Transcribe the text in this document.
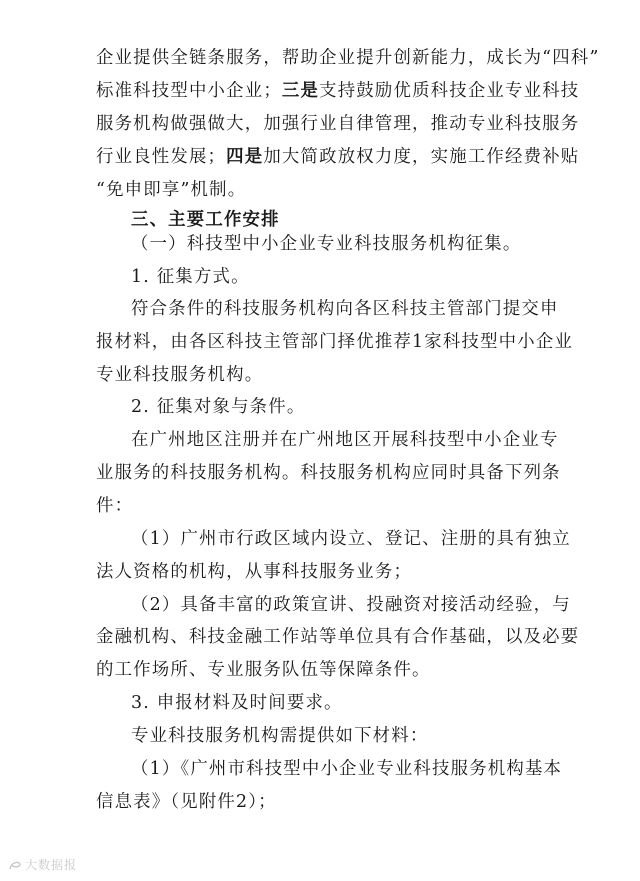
企业提供全链条服务，帮助企业提升创新能力，成长为“四科”
标准科技型中小企业；三是支持鼓励优质科技企业专业科技
服务机构做强做大，加强行业自律管理，推动专业科技服务
行业良性发展；四是加大简政放权力度，实施工作经费补贴
“免申即享”机制。
三、主要工作安排
（一）科技型中小企业专业科技服务机构征集。
1. 征集方式。
符合条件的科技服务机构向各区科技主管部门提交申
报材料，由各区科技主管部门择优推荐1家科技型中小企业
专业科技服务机构。
2. 征集对象与条件。
在广州地区注册并在广州地区开展科技型中小企业专
业服务的科技服务机构。科技服务机构应同时具备下列条
件：
（1）广州市行政区域内设立、登记、注册的具有独立
法人资格的机构，从事科技服务业务；
（2）具备丰富的政策宣讲、投融资对接活动经验，与
金融机构、科技金融工作站等单位具有合作基础，以及必要
的工作场所、专业服务队伍等保障条件。
3. 申报材料及时间要求。
专业科技服务机构需提供如下材料：
（1）《广州市科技型中小企业专业科技服务机构基本
信息表》（见附件2）；
大数据报
